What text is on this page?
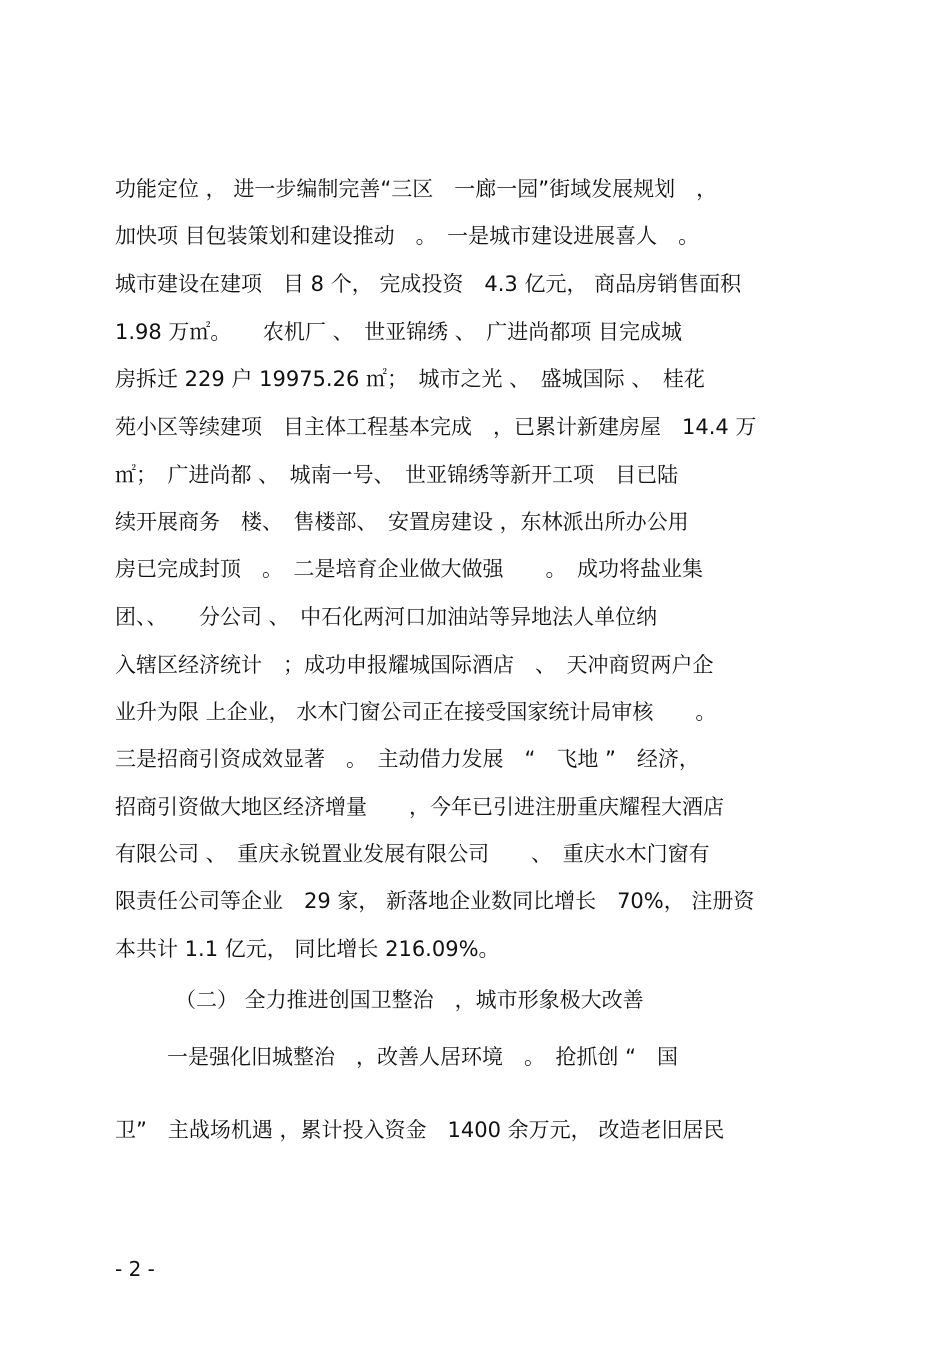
功能定位 ， 进一步编制完善“三区　一廊一园”街域发展规划　，
加快项 目包装策划和建设推动　。　一是城市建设进展喜人　。
城市建设在建项　目 8 个， 完成投资　4.3 亿元， 商品房销售面积
1.98 万㎡。　　农机厂 、　世亚锦绣 、　广进尚都项 目完成城
房拆迁 229 户 19975.26 ㎡；　城市之光 、　盛城国际 、　桂花
苑小区等续建项　目主体工程基本完成　，已累计新建房屋　14.4 万
㎡；　广进尚都 、　城南一号、　世亚锦绣等新开工项　目已陆
续开展商务　楼、　售楼部、　安置房建设 ，东林派出所办公用
房已完成封顶　。　二是培育企业做大做强　　。　成功将盐业集
团、、　　分公司 、　中石化两河口加油站等异地法人单位纳
入辖区经济统计　；成功申报耀城国际酒店　、　天冲商贸两户企
业升为限 上企业， 水木门窗公司正在接受国家统计局审核　　。
三是招商引资成效显著　。　主动借力发展　“　飞地 ”　经济，
招商引资做大地区经济增量　　，今年已引进注册重庆耀程大酒店
有限公司 、　重庆永锐置业发展有限公司　　、　重庆水木门窗有
限责任公司等企业　29 家， 新落地企业数同比增长　70%， 注册资
本共计 1.1 亿元， 同比增长 216.09%。
（二） 全力推进创国卫整治　，城市形象极大改善
一是强化旧城整治　，改善人居环境　。　抢抓创 “　国
卫”　主战场机遇 ，累计投入资金　1400 余万元， 改造老旧居民
- 2 -
